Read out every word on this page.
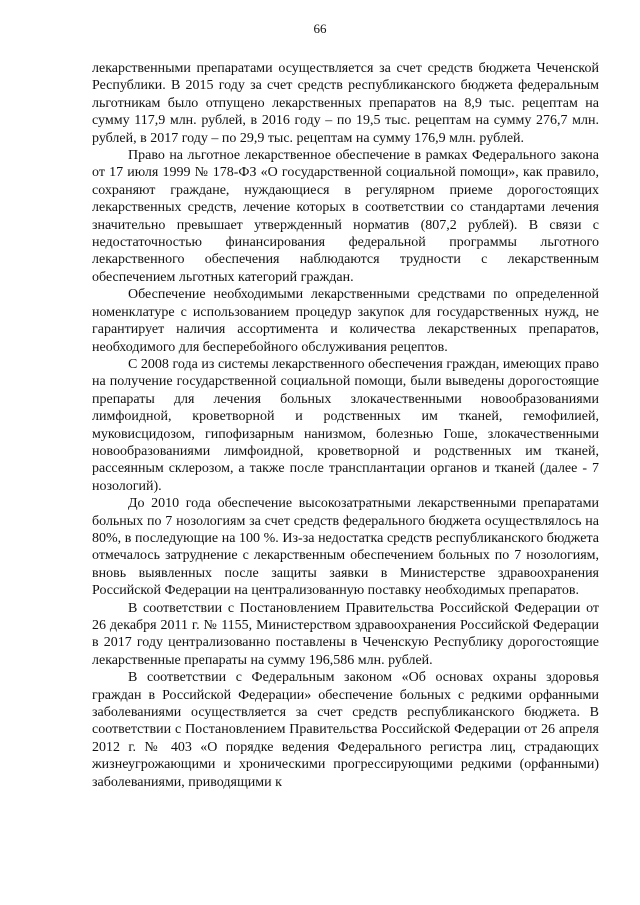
66

лекарственными препаратами осуществляется за счет средств бюджета Чеченской Республики. В 2015 году за счет средств республиканского бюджета федеральным льготникам было отпущено лекарственных препаратов на 8,9 тыс. рецептам на сумму 117,9 млн. рублей, в 2016 году – по 19,5 тыс. рецептам на сумму 276,7 млн. рублей, в 2017 году – по 29,9 тыс. рецептам на сумму 176,9 млн. рублей.

Право на льготное лекарственное обеспечение в рамках Федерального закона от 17 июля 1999 № 178-ФЗ «О государственной социальной помощи», как правило, сохраняют граждане, нуждающиеся в регулярном приеме дорогостоящих лекарственных средств, лечение которых в соответствии со стандартами лечения значительно превышает утвержденный норматив (807,2 рублей). В связи с недостаточностью финансирования федеральной программы льготного лекарственного обеспечения наблюдаются трудности с лекарственным обеспечением льготных категорий граждан.

Обеспечение необходимыми лекарственными средствами по определенной номенклатуре с использованием процедур закупок для государственных нужд, не гарантирует наличия ассортимента и количества лекарственных препаратов, необходимого для бесперебойного обслуживания рецептов.

С 2008 года из системы лекарственного обеспечения граждан, имеющих право на получение государственной социальной помощи, были выведены дорогостоящие препараты для лечения больных злокачественными новообразованиями лимфоидной, кроветворной и родственных им тканей, гемофилией, муковисцидозом, гипофизарным нанизмом, болезнью Гоше, злокачественными новообразованиями лимфоидной, кроветворной и родственных им тканей, рассеянным склерозом, а также после трансплантации органов и тканей (далее - 7 нозологий).

До 2010 года обеспечение высокозатратными лекарственными препаратами больных по 7 нозологиям за счет средств федерального бюджета осуществлялось на 80%, в последующие на 100 %. Из-за недостатка средств республиканского бюджета отмечалось затруднение с лекарственным обеспечением больных по 7 нозологиям, вновь выявленных после защиты заявки в Министерстве здравоохранения Российской Федерации на централизованную поставку необходимых препаратов.

В соответствии с Постановлением Правительства Российской Федерации от 26 декабря 2011 г. № 1155, Министерством здравоохранения Российской Федерации в 2017 году централизованно поставлены в Чеченскую Республику дорогостоящие лекарственные препараты на сумму 196,586 млн. рублей.

В соответствии с Федеральным законом «Об основах охраны здоровья граждан в Российской Федерации» обеспечение больных с редкими орфанными заболеваниями осуществляется за счет средств республиканского бюджета. В соответствии с Постановлением Правительства Российской Федерации от 26 апреля 2012 г. № 403 «О порядке ведения Федерального регистра лиц, страдающих жизнеугрожающими и хроническими прогрессирующими редкими (орфанными) заболеваниями, приводящими к
